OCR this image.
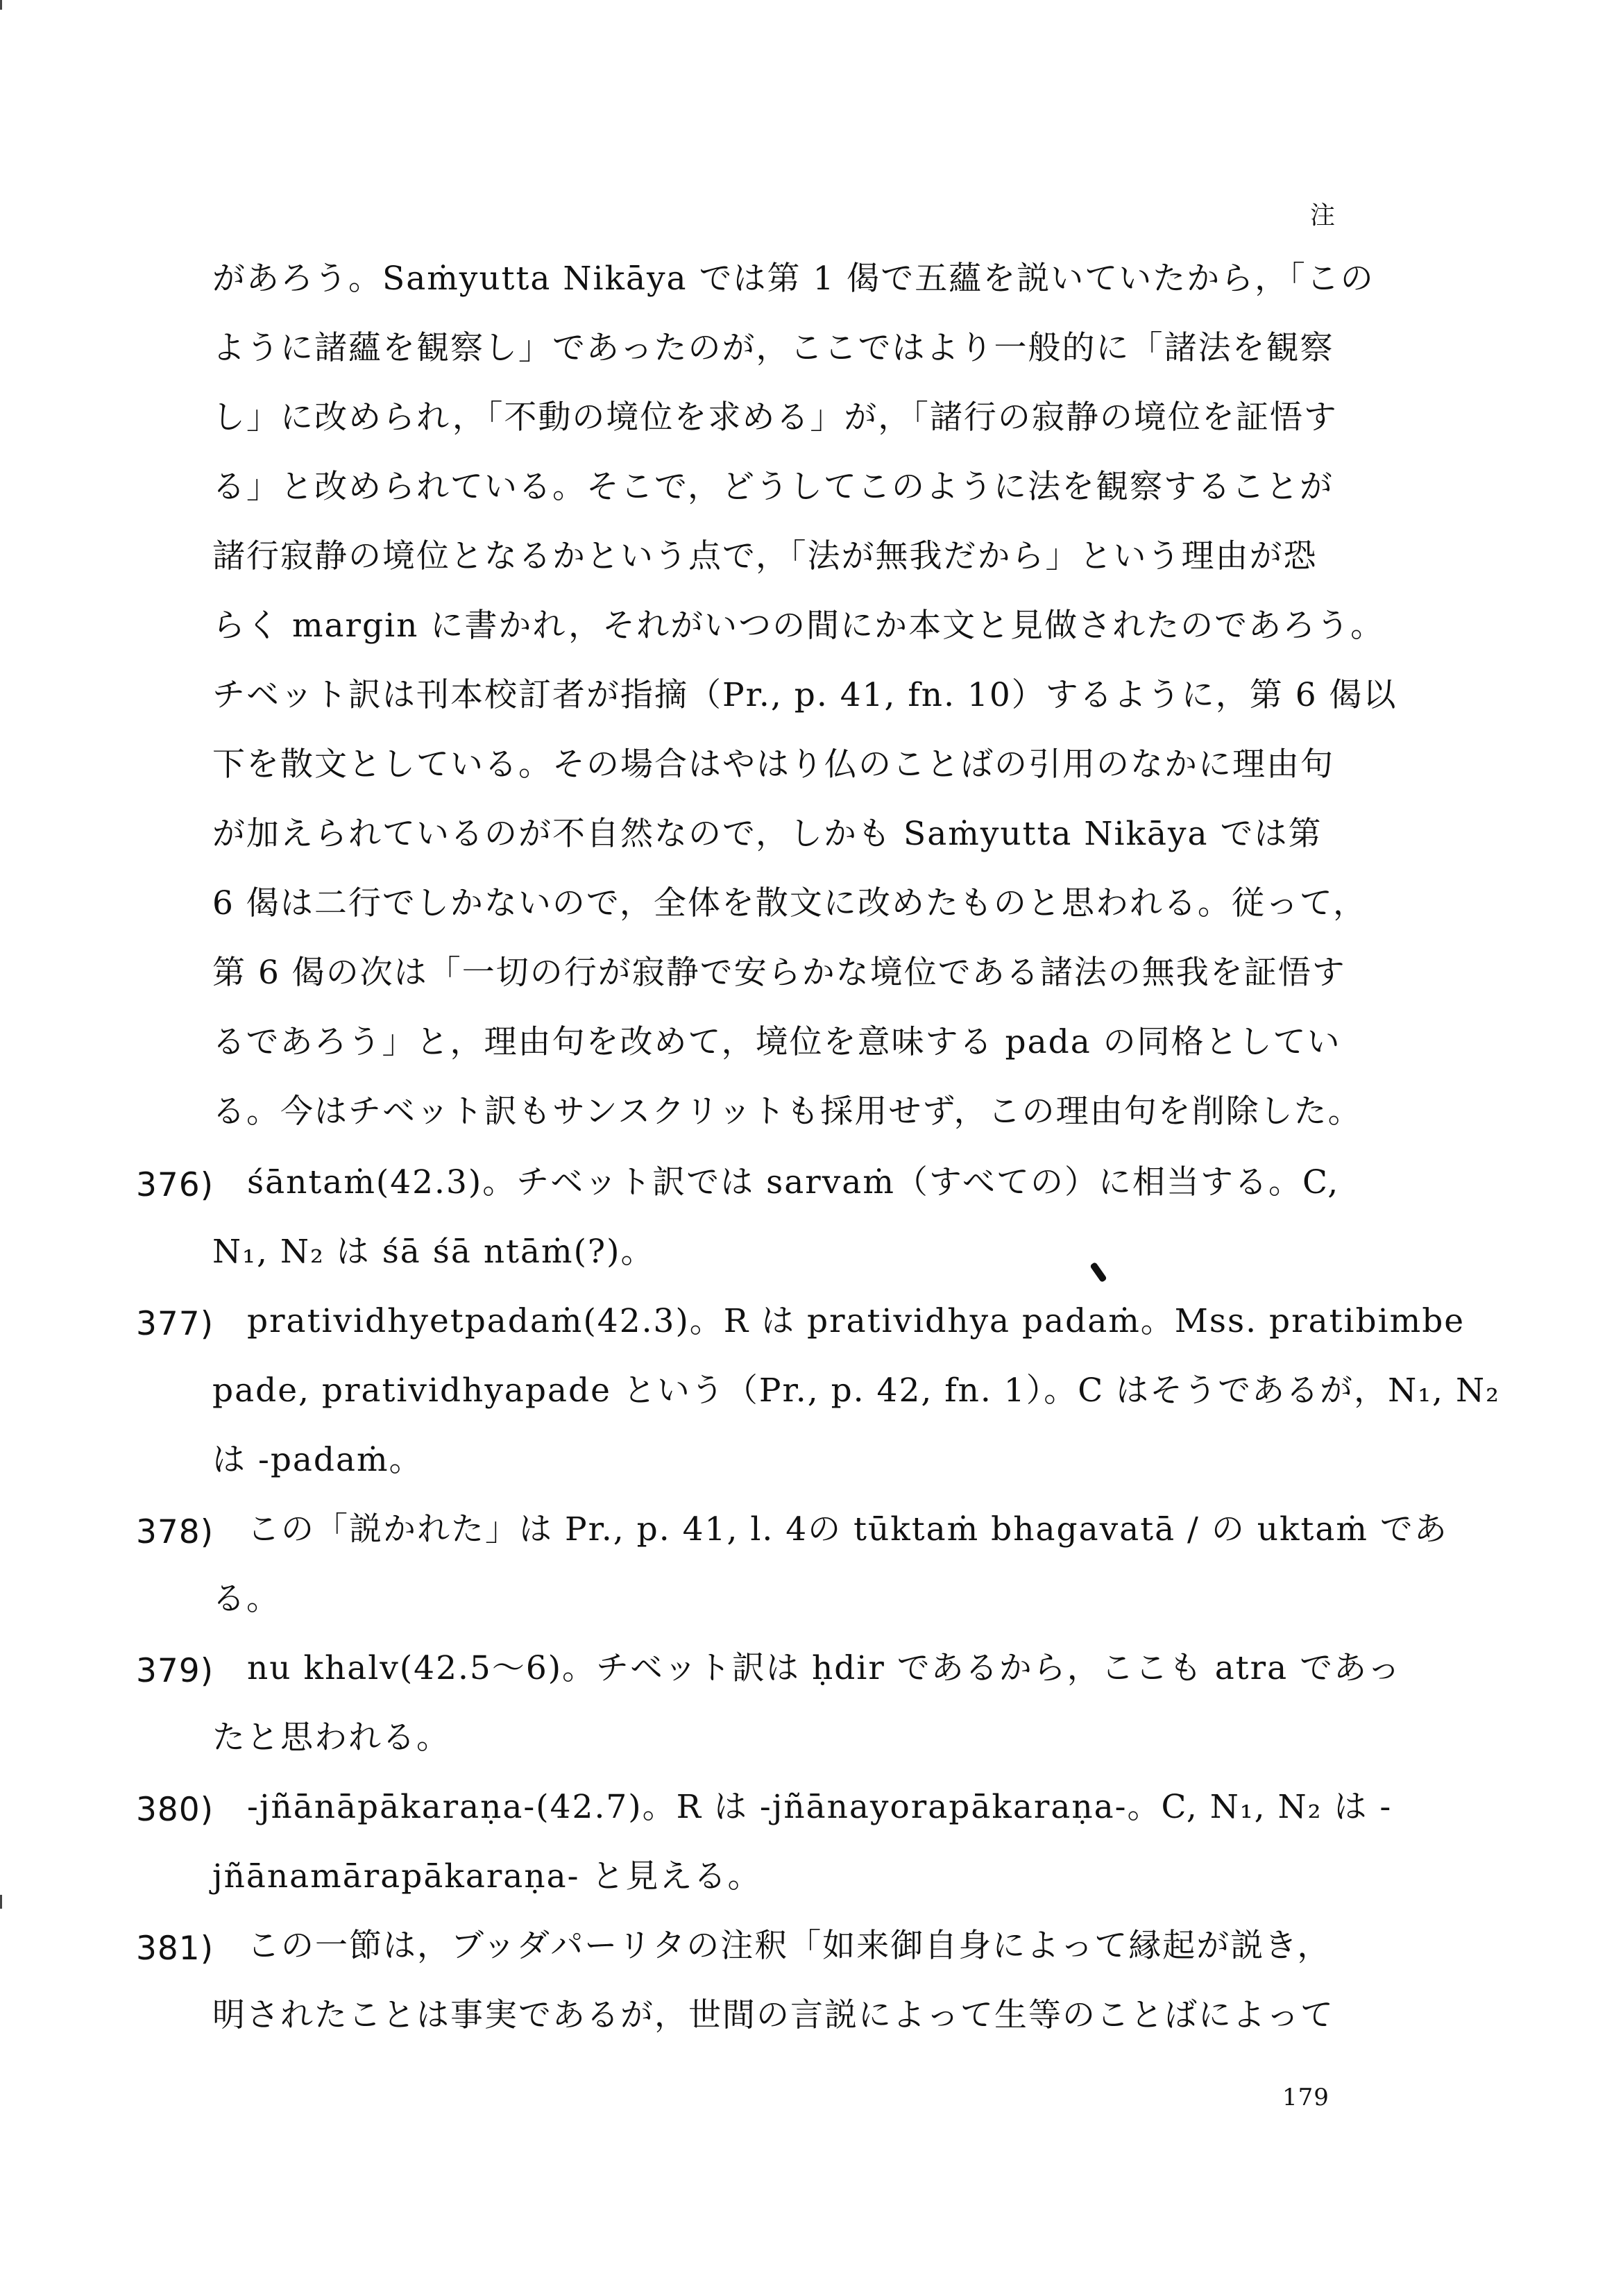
注
があろう。Saṁyutta Nikāya では第 1 偈で五蘊を説いていたから，「この
ように諸蘊を観察し」であったのが，ここではより一般的に「諸法を観察
し」に改められ，「不動の境位を求める」が，「諸行の寂静の境位を証悟す
る」と改められている。そこで，どうしてこのように法を観察することが
諸行寂静の境位となるかという点で，「法が無我だから」という理由が恐
らく margin に書かれ，それがいつの間にか本文と見做されたのであろう。
チベット訳は刊本校訂者が指摘（Pr., p. 41, fn. 10）するように，第 6 偈以
下を散文としている。その場合はやはり仏のことばの引用のなかに理由句
が加えられているのが不自然なので，しかも Saṁyutta Nikāya では第
6 偈は二行でしかないので，全体を散文に改めたものと思われる。従って，
第 6 偈の次は「一切の行が寂静で安らかな境位である諸法の無我を証悟す
るであろう」と，理由句を改めて，境位を意味する pada の同格としてい
る。今はチベット訳もサンスクリットも採用せず，この理由句を削除した。
376) śāntaṁ(42.3)。チベット訳では sarvaṁ（すべての）に相当する。C,
N₁, N₂ は śā śā ntāṁ(?)。
377) pratividhyetpadaṁ(42.3)。R は pratividhya padaṁ。Mss. pratibimbe
pade, pratividhyapade という（Pr., p. 42, fn. 1）。C はそうであるが，N₁, N₂
は -padaṁ。
378) この「説かれた」は Pr., p. 41, l. 4の tūktaṁ bhagavatā / の uktaṁ であ
る。
379) nu khalv(42.5〜6)。チベット訳は ḥdir であるから，ここも atra であっ
たと思われる。
380) -jñānāpākaraṇa-(42.7)。R は -jñānayorapākaraṇa-。C, N₁, N₂ は -
jñānamārapākaraṇa- と見える。
381) この一節は，ブッダパーリタの注釈「如来御自身によって縁起が説き，
明されたことは事実であるが，世間の言説によって生等のことばによって
179
